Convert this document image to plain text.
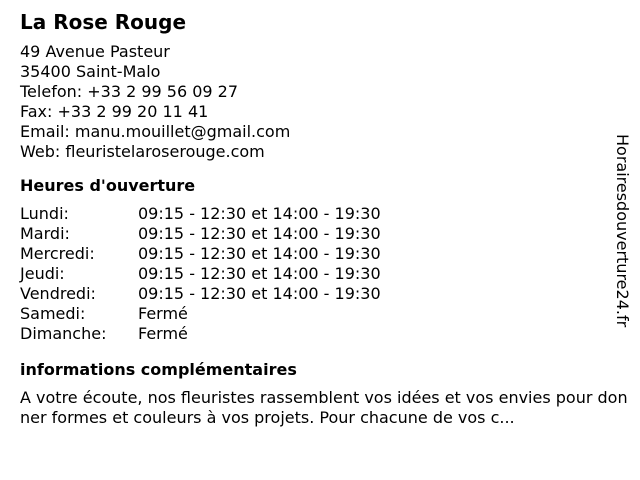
La Rose Rouge
49 Avenue Pasteur
35400 Saint-Malo
Telefon: +33 2 99 56 09 27
Fax: +33 2 99 20 11 41
Email: manu.mouillet@gmail.com
Web: fleuristelaroserouge.com
Heures d'ouverture
Lundi:	09:15 - 12:30 et 14:00 - 19:30
Mardi:	09:15 - 12:30 et 14:00 - 19:30
Mercredi:	09:15 - 12:30 et 14:00 - 19:30
Jeudi:	09:15 - 12:30 et 14:00 - 19:30
Vendredi:	09:15 - 12:30 et 14:00 - 19:30
Samedi:	Fermé
Dimanche:	Fermé
informations complémentaires
A votre écoute, nos fleuristes rassemblent vos idées et vos envies pour donner formes et couleurs à vos projets. Pour chacune de vos c...
Horairesdouverture24.fr
